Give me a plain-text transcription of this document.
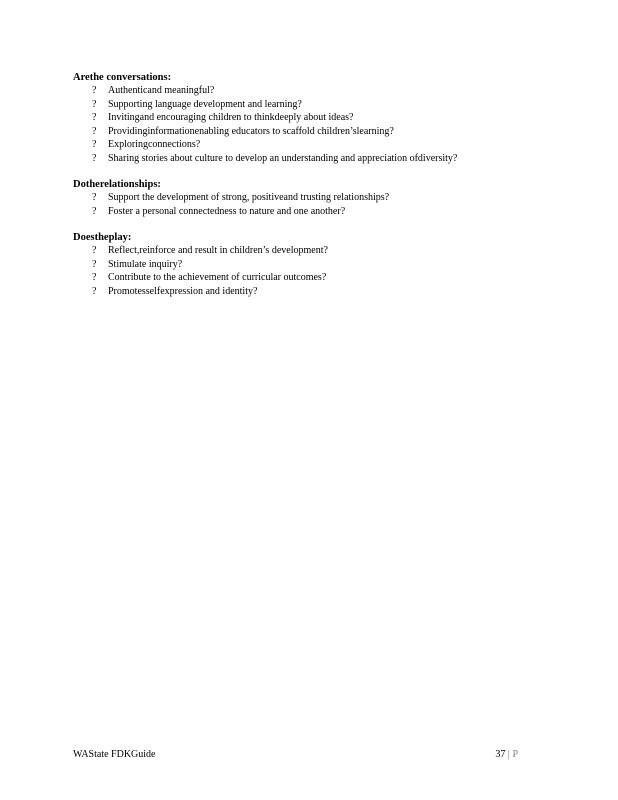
Arethe conversations:

? Authenticand meaningful?
? Supporting language development and learning?
? Invitingand encouraging children to thinkdeeply about ideas?
? Providinginformationenabling educators to scaffold children’slearning?
? Exploringconnections?
? Sharing stories about culture to develop an understanding and appreciation ofdiversity?

Dotherelationships:

? Support the development of strong, positiveand trusting relationships?
? Foster a personal connectedness to nature and one another?

Doestheplay:

? Reflect,reinforce and result in children’s development?
? Stimulate inquiry?
? Contribute to the achievement of curricular outcomes?
? Promotesselfexpression and identity?
WAState FDKGuide	37 | P
